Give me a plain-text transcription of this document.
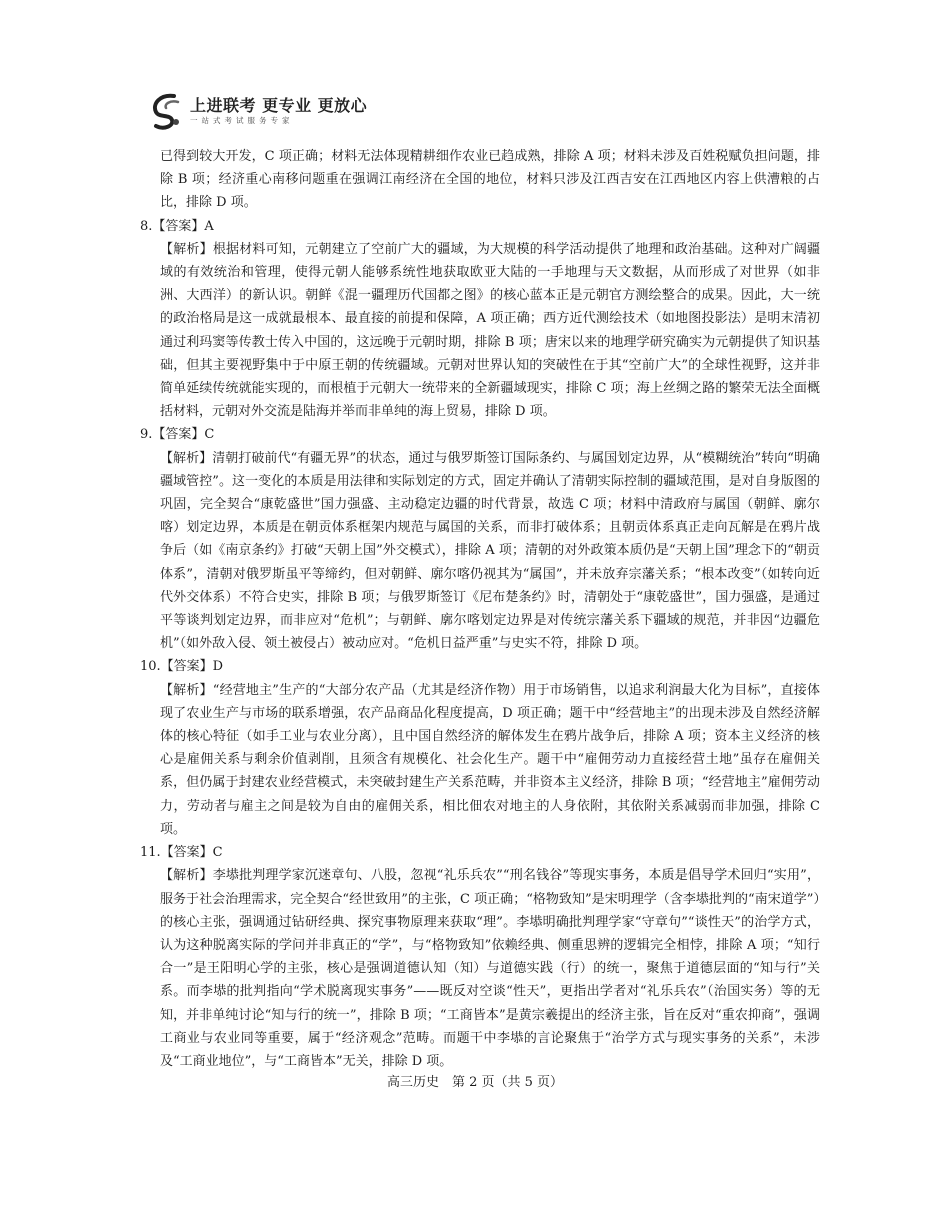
上进联考 更专业 更放心
一站式考试服务专家

已得到较大开发，C 项正确；材料无法体现精耕细作农业已趋成熟，排除 A 项；材料未涉及百姓税赋负担问题，排除 B 项；经济重心南移问题重在强调江南经济在全国的地位，材料只涉及江西吉安在江西地区内容上供漕粮的占比，排除 D 项。

8.【答案】A

【解析】根据材料可知，元朝建立了空前广大的疆域，为大规模的科学活动提供了地理和政治基础。这种对广阔疆域的有效统治和管理，使得元朝人能够系统性地获取欧亚大陆的一手地理与天文数据，从而形成了对世界（如非洲、大西洋）的新认识。朝鲜《混一疆理历代国都之图》的核心蓝本正是元朝官方测绘整合的成果。因此，大一统的政治格局是这一成就最根本、最直接的前提和保障，A 项正确；西方近代测绘技术（如地图投影法）是明末清初通过利玛窦等传教士传入中国的，这远晚于元朝时期，排除 B 项；唐宋以来的地理学研究确实为元朝提供了知识基础，但其主要视野集中于中原王朝的传统疆域。元朝对世界认知的突破性在于其“空前广大”的全球性视野，这并非简单延续传统就能实现的，而根植于元朝大一统带来的全新疆域现实，排除 C 项；海上丝绸之路的繁荣无法全面概括材料，元朝对外交流是陆海并举而非单纯的海上贸易，排除 D 项。

9.【答案】C

【解析】清朝打破前代“有疆无界”的状态，通过与俄罗斯签订国际条约、与属国划定边界，从“模糊统治”转向“明确疆域管控”。这一变化的本质是用法律和实际划定的方式，固定并确认了清朝实际控制的疆域范围，是对自身版图的巩固，完全契合“康乾盛世”国力强盛、主动稳定边疆的时代背景，故选 C 项；材料中清政府与属国（朝鲜、廓尔喀）划定边界，本质是在朝贡体系框架内规范与属国的关系，而非打破体系；且朝贡体系真正走向瓦解是在鸦片战争后（如《南京条约》打破“天朝上国”外交模式），排除 A 项；清朝的对外政策本质仍是“天朝上国”理念下的“朝贡体系”，清朝对俄罗斯虽平等缔约，但对朝鲜、廓尔喀仍视其为“属国”，并未放弃宗藩关系；“根本改变”（如转向近代外交体系）不符合史实，排除 B 项；与俄罗斯签订《尼布楚条约》时，清朝处于“康乾盛世”，国力强盛，是通过平等谈判划定边界，而非应对“危机”；与朝鲜、廓尔喀划定边界是对传统宗藩关系下疆域的规范，并非因“边疆危机”（如外敌入侵、领土被侵占）被动应对。“危机日益严重”与史实不符，排除 D 项。

10.【答案】D

【解析】“经营地主”生产的“大部分农产品（尤其是经济作物）用于市场销售，以追求利润最大化为目标”，直接体现了农业生产与市场的联系增强，农产品商品化程度提高，D 项正确；题干中“经营地主”的出现未涉及自然经济解体的核心特征（如手工业与农业分离），且中国自然经济的解体发生在鸦片战争后，排除 A 项；资本主义经济的核心是雇佣关系与剩余价值剥削，且须含有规模化、社会化生产。题干中“雇佣劳动力直接经营土地”虽存在雇佣关系，但仍属于封建农业经营模式，未突破封建生产关系范畴，并非资本主义经济，排除 B 项；“经营地主”雇佣劳动力，劳动者与雇主之间是较为自由的雇佣关系，相比佃农对地主的人身依附，其依附关系减弱而非加强，排除 C 项。

11.【答案】C

【解析】李塨批判理学家沉迷章句、八股，忽视“礼乐兵农”“刑名钱谷”等现实事务，本质是倡导学术回归“实用”，服务于社会治理需求，完全契合“经世致用”的主张，C 项正确；“格物致知”是宋明理学（含李塨批判的“南宋道学”）的核心主张，强调通过钻研经典、探究事物原理来获取“理”。李塨明确批判理学家“守章句”“谈性天”的治学方式，认为这种脱离实际的学问并非真正的“学”，与“格物致知”依赖经典、侧重思辨的逻辑完全相悖，排除 A 项；“知行合一”是王阳明心学的主张，核心是强调道德认知（知）与道德实践（行）的统一，聚焦于道德层面的“知与行”关系。而李塨的批判指向“学术脱离现实事务”——既反对空谈“性天”，更指出学者对“礼乐兵农”（治国实务）等的无知，并非单纯讨论“知与行的统一”，排除 B 项；“工商皆本”是黄宗羲提出的经济主张，旨在反对“重农抑商”，强调工商业与农业同等重要，属于“经济观念”范畴。而题干中李塨的言论聚焦于“治学方式与现实事务的关系”，未涉及“工商业地位”，与“工商皆本”无关，排除 D 项。

高三历史　第 2 页（共 5 页）
